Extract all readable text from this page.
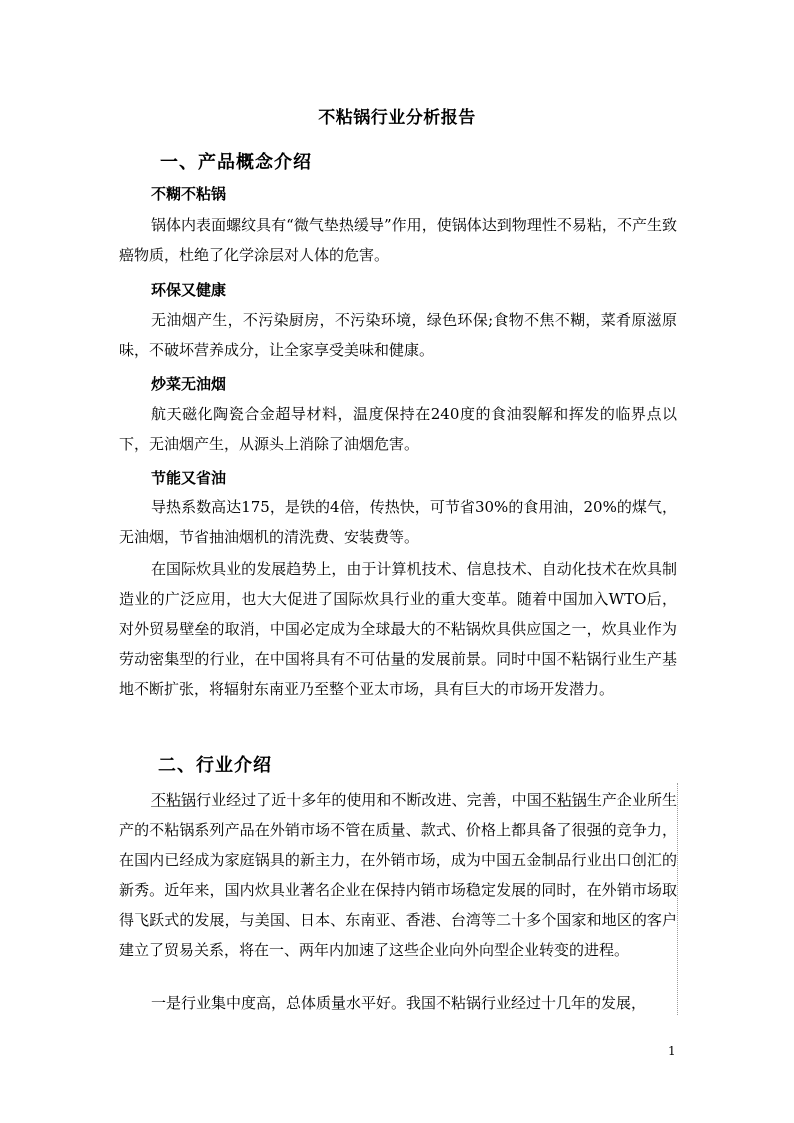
不粘锅行业分析报告
一、产品概念介绍
不糊不粘锅

锅体内表面螺纹具有“微气垫热缓导”作用，使锅体达到物理性不易粘，不产生致癌物质，杜绝了化学涂层对人体的危害。

环保又健康

无油烟产生，不污染厨房，不污染环境，绿色环保;食物不焦不糊，菜肴原滋原味，不破坏营养成分，让全家享受美味和健康。

炒菜无油烟

航天磁化陶瓷合金超导材料，温度保持在240度的食油裂解和挥发的临界点以下，无油烟产生，从源头上消除了油烟危害。

节能又省油

导热系数高达175，是铁的4倍，传热快，可节省30%的食用油，20%的煤气，无油烟，节省抽油烟机的清洗费、安装费等。

在国际炊具业的发展趋势上，由于计算机技术、信息技术、自动化技术在炊具制造业的广泛应用，也大大促进了国际炊具行业的重大变革。随着中国加入WTO后，对外贸易壁垒的取消，中国必定成为全球最大的不粘锅炊具供应国之一，炊具业作为劳动密集型的行业，在中国将具有不可估量的发展前景。同时中国不粘锅行业生产基地不断扩张，将辐射东南亚乃至整个亚太市场，具有巨大的市场开发潜力。

二、行业介绍

不粘锅行业经过了近十多年的使用和不断改进、完善，中国不粘锅生产企业所生产的不粘锅系列产品在外销市场不管在质量、款式、价格上都具备了很强的竞争力，在国内已经成为家庭锅具的新主力，在外销市场，成为中国五金制品行业出口创汇的新秀。近年来，国内炊具业著名企业在保持内销市场稳定发展的同时，在外销市场取得飞跃式的发展，与美国、日本、东南亚、香港、台湾等二十多个国家和地区的客户建立了贸易关系，将在一、两年内加速了这些企业向外向型企业转变的进程。

一是行业集中度高，总体质量水平好。我国不粘锅行业经过十几年的发展，

1
